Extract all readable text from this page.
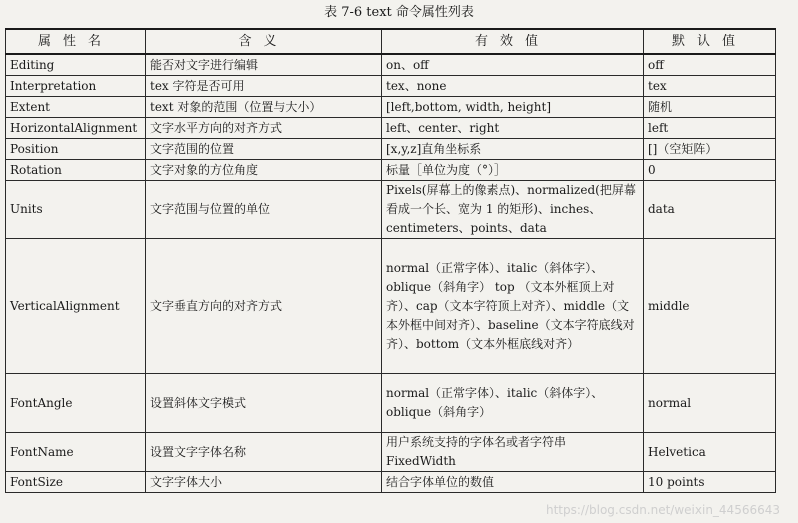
表 7-6 text 命令属性列表
属性名	含义	有效值	默认值
Editing	能否对文字进行编辑	on、off	off
Interpretation	tex 字符是否可用	tex、none	tex
Extent	text 对象的范围（位置与大小）	[left,bottom, width, height]	随机
HorizontalAlignment	文字水平方向的对齐方式	left、center、right	left
Position	文字范围的位置	[x,y,z]直角坐标系	[]（空矩阵）
Rotation	文字对象的方位角度	标量［单位为度（°）］	0
Units	文字范围与位置的单位	Pixels(屏幕上的像素点)、normalized(把屏幕看成一个长、宽为 1 的矩形)、inches、centimeters、points、data	data
VerticalAlignment	文字垂直方向的对齐方式	normal（正常字体）、italic（斜体字）、oblique（斜角字） top （文本外框顶上对齐）、cap（文本字符顶上对齐）、middle（文本外框中间对齐）、baseline（文本字符底线对齐）、bottom（文本外框底线对齐）	middle
FontAngle	设置斜体文字模式	normal（正常字体）、italic（斜体字）、oblique（斜角字）	normal
FontName	设置文字字体名称	用户系统支持的字体名或者字符串 FixedWidth	Helvetica
FontSize	文字字体大小	结合字体单位的数值	10 points
https://blog.csdn.net/weixin_44566643
